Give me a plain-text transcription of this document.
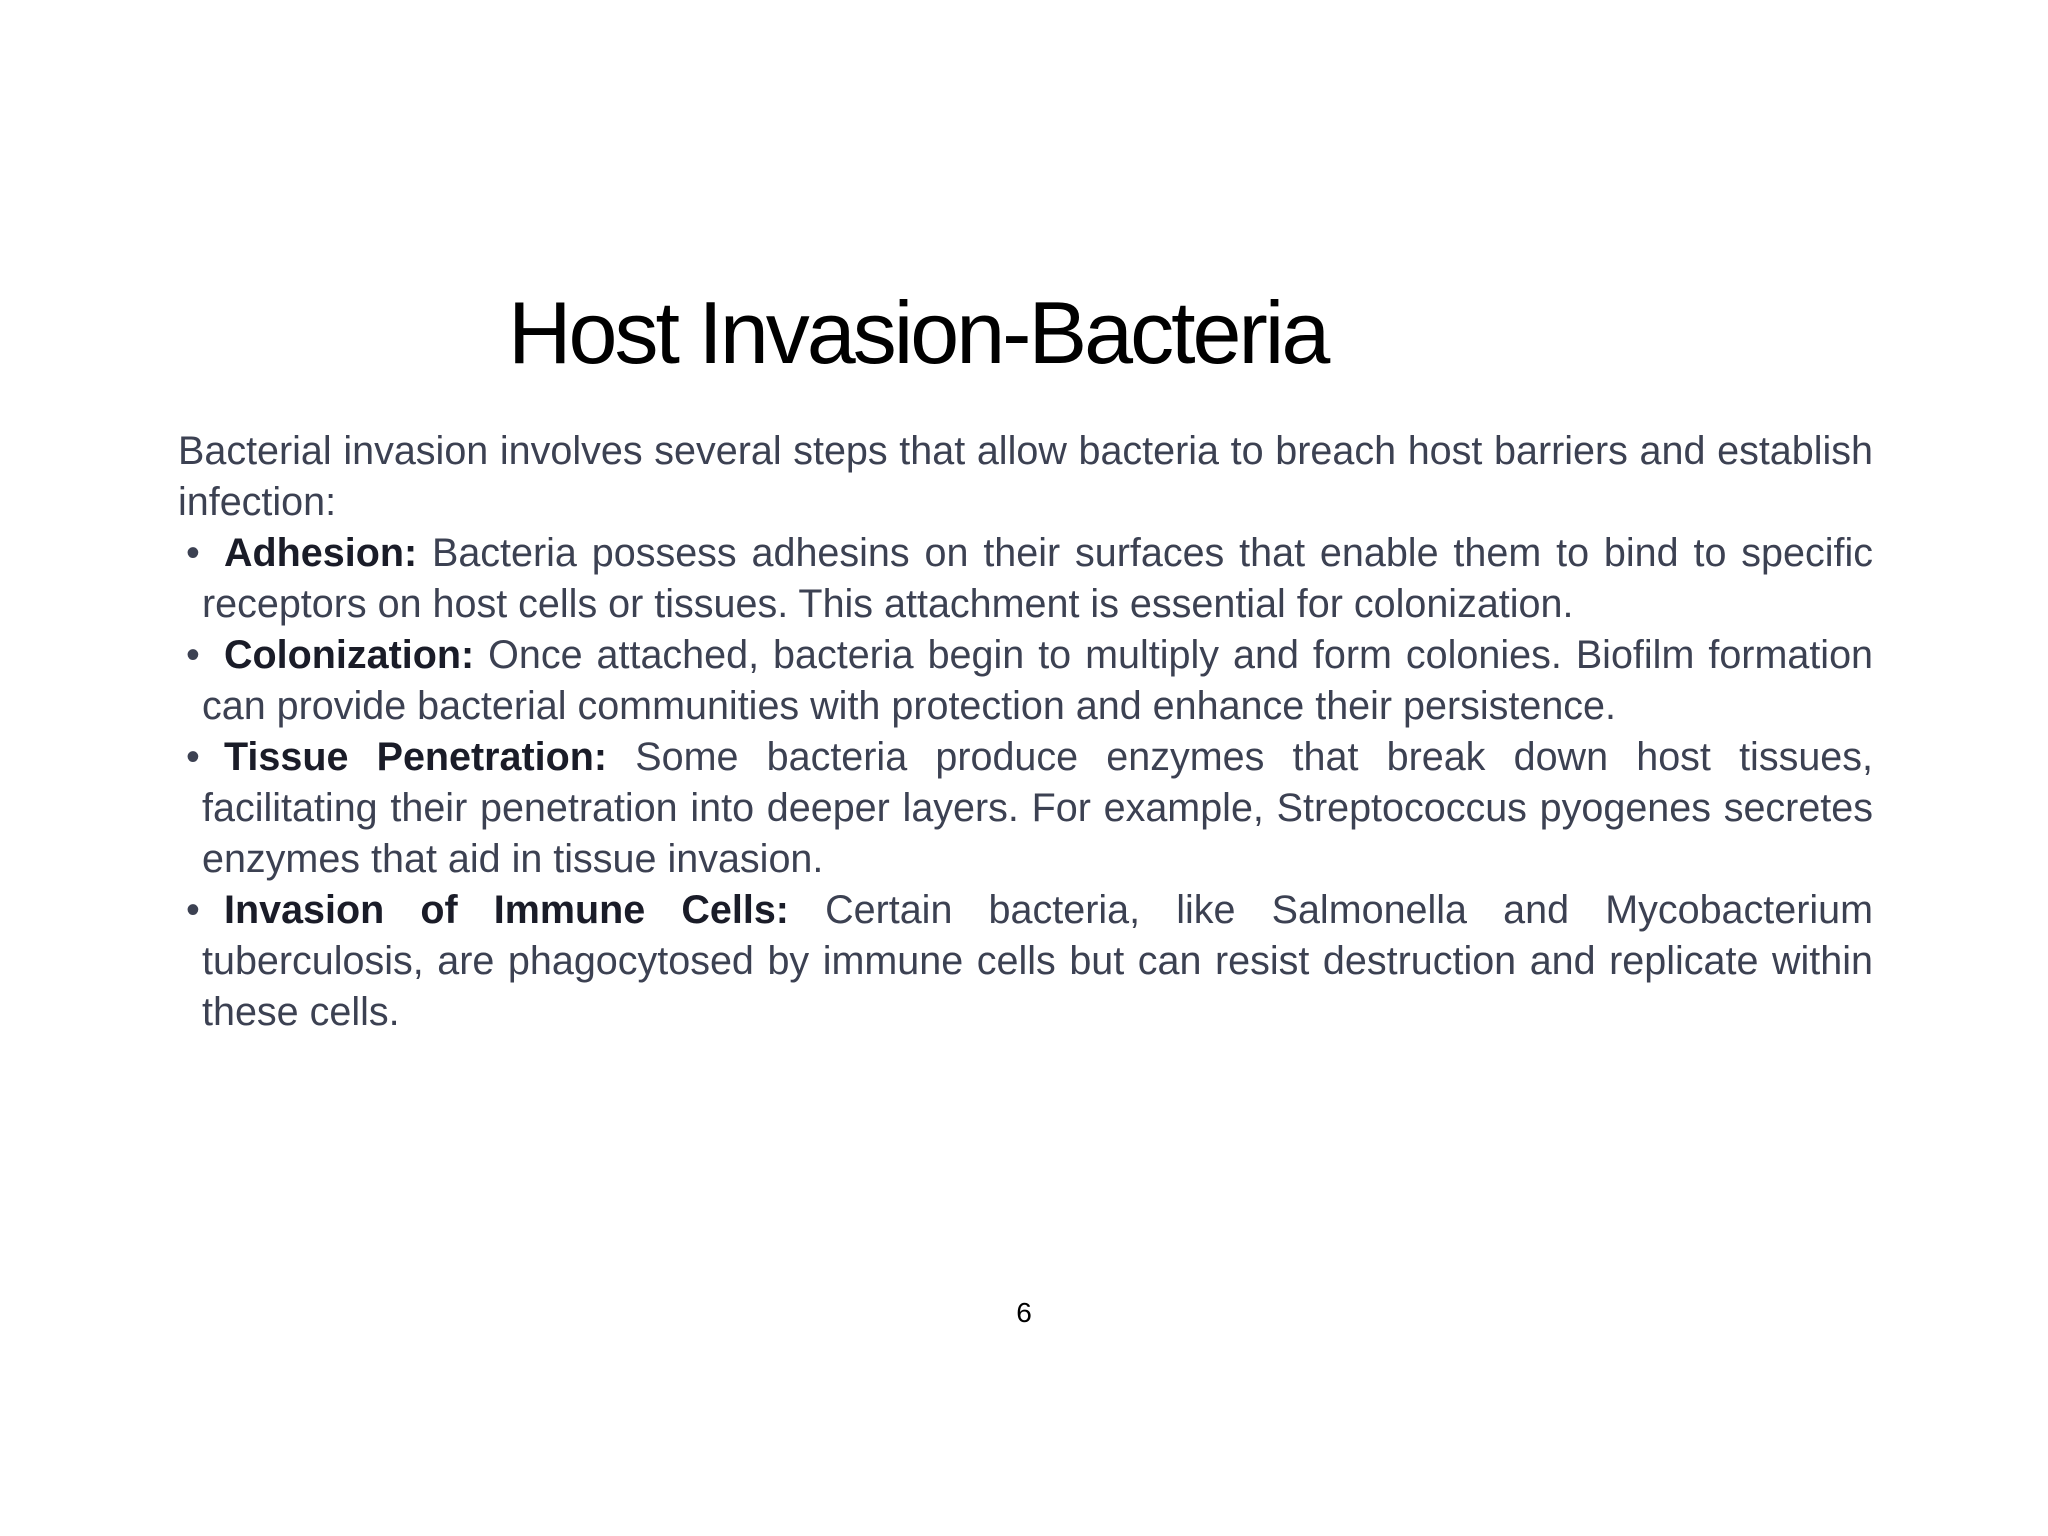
Host Invasion-Bacteria

Bacterial invasion involves several steps that allow bacteria to breach host barriers and establish infection:

• Adhesion: Bacteria possess adhesins on their surfaces that enable them to bind to specific receptors on host cells or tissues. This attachment is essential for colonization.
• Colonization: Once attached, bacteria begin to multiply and form colonies. Biofilm formation can provide bacterial communities with protection and enhance their persistence.
• Tissue Penetration: Some bacteria produce enzymes that break down host tissues, facilitating their penetration into deeper layers. For example, Streptococcus pyogenes secretes enzymes that aid in tissue invasion.
• Invasion of Immune Cells: Certain bacteria, like Salmonella and Mycobacterium tuberculosis, are phagocytosed by immune cells but can resist destruction and replicate within these cells.
6
